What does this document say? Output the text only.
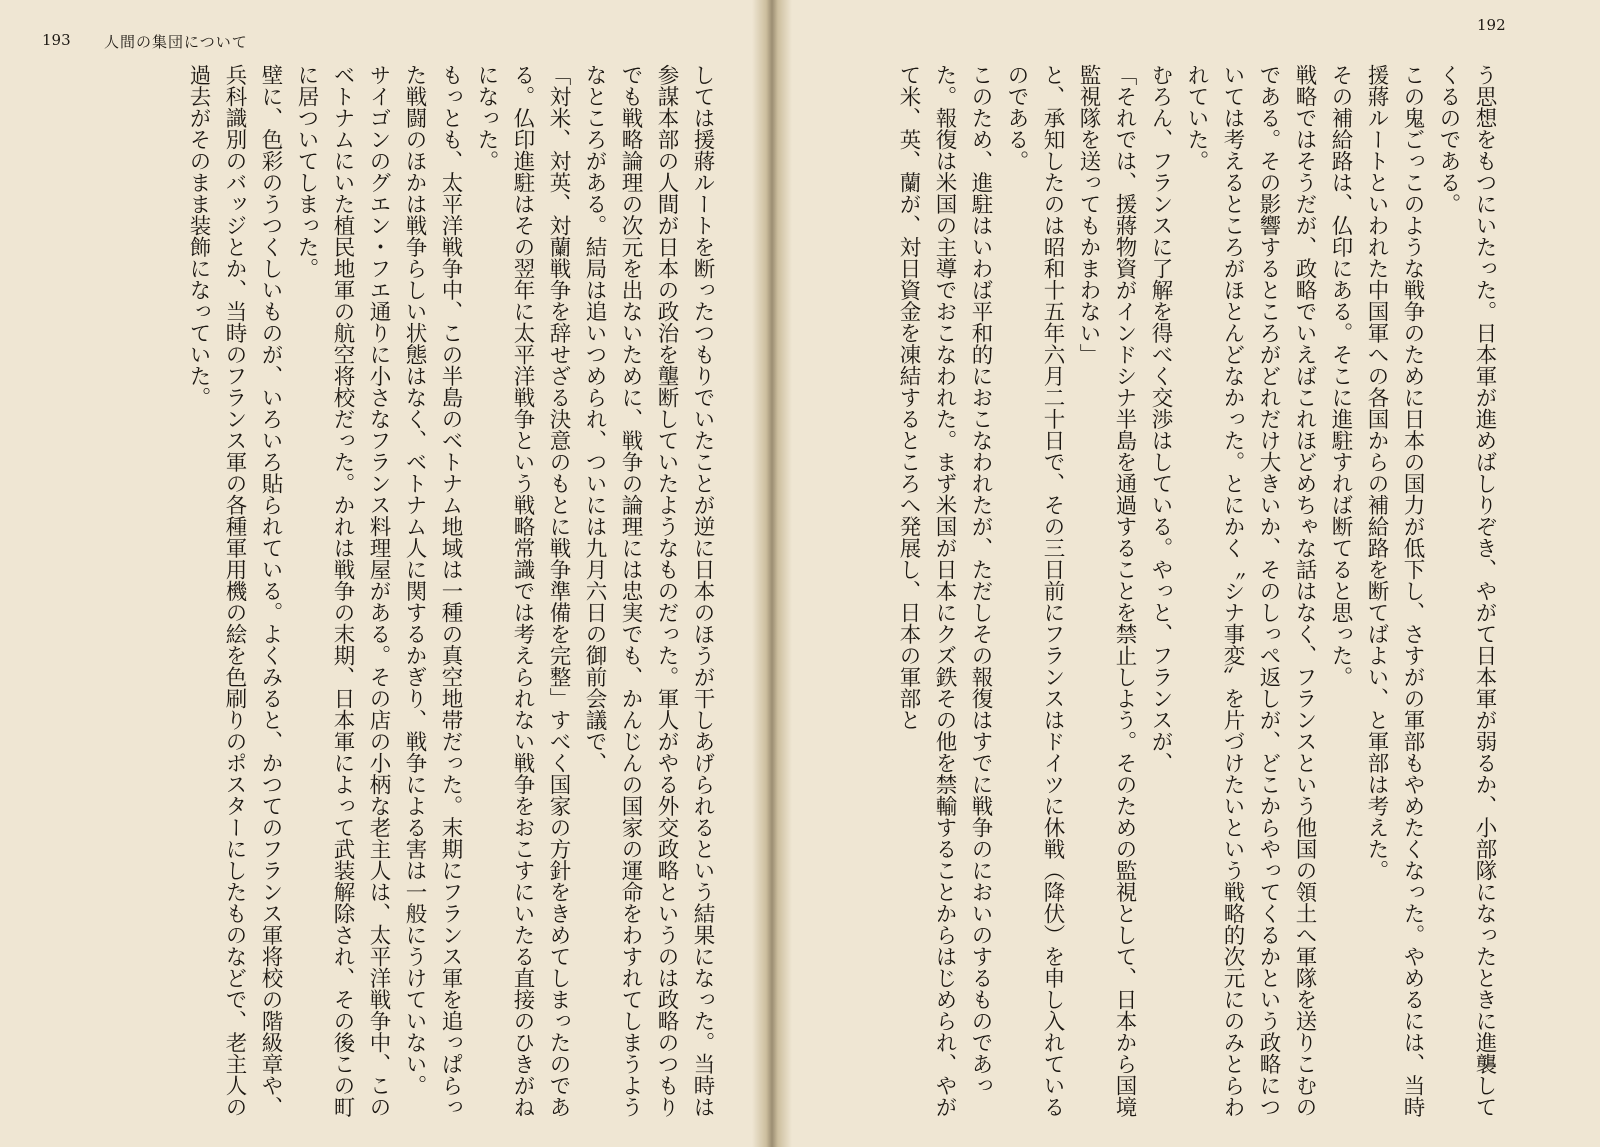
193 人間の集団について

しては援蔣ルートを断ったつもりでいたことが逆に日本のほうが干しあげられるという結果になった。当時は参謀本部の人間が日本の政治を壟断していたようなものだった。軍人がやる外交政略というのは政略のつもりでも戦略論理の次元を出ないために、戦争の論理には忠実でも、かんじんの国家の運命をわすれてしまうようなところがある。結局は追いつめられ、ついには九月六日の御前会議で、

「対米、対英、対蘭戦争を辞せざる決意のもとに戦争準備を完整」すべく国家の方針をきめてしまったのである。仏印進駐はその翌年に太平洋戦争という戦略常識では考えられない戦争をおこすにいたる直接のひきがねになった。

もっとも、太平洋戦争中、この半島のベトナム地域は一種の真空地帯だった。末期にフランス軍を追っぱらった戦闘のほかは戦争らしい状態はなく、ベトナム人に関するかぎり、戦争による害は一般にうけていない。

サイゴンのグエン・フエ通りに小さなフランス料理屋がある。その店の小柄な老主人は、太平洋戦争中、このベトナムにいた植民地軍の航空将校だった。かれは戦争の末期、日本軍によって武装解除され、その後この町に居ついてしまった。

壁に、色彩のうつくしいものが、いろいろ貼られている。よくみると、かつてのフランス軍将校の階級章や、兵科識別のバッジとか、当時のフランス軍の各種軍用機の絵を色刷りのポスターにしたものなどで、老主人の過去がそのまま装飾になっていた。

192

う思想をもつにいたった。日本軍が進めばしりぞき、やがて日本軍が弱るか、小部隊になったときに進襲してくるのである。

この鬼ごっこのような戦争のために日本の国力が低下し、さすがの軍部もやめたくなった。やめるには、当時援蔣ルートといわれた中国軍への各国からの補給路を断てばよい、と軍部は考えた。

その補給路は、仏印にある。そこに進駐すれば断てると思った。

戦略ではそうだが、政略でいえばこれほどめちゃな話はなく、フランスという他国の領土へ軍隊を送りこむのである。その影響するところがどれだけ大きいか、そのしっぺ返しが、どこからやってくるかという政略については考えるところがほとんどなかった。とにかく〝シナ事変〟を片づけたいという戦略的次元にのみとらわれていた。

むろん、フランスに了解を得べく交渉はしている。やっと、フランスが、

「それでは、援蔣物資がインドシナ半島を通過することを禁止しよう。そのための監視として、日本から国境監視隊を送ってもかまわない」

と、承知したのは昭和十五年六月二十日で、その三日前にフランスはドイツに休戦（降伏）を申し入れているのである。

このため、進駐はいわば平和的におこなわれたが、ただしその報復はすでに戦争のにおいのするものであった。報復は米国の主導でおこなわれた。まず米国が日本にクズ鉄その他を禁輸することからはじめられ、やがて米、英、蘭が、対日資金を凍結するところへ発展し、日本の軍部と
